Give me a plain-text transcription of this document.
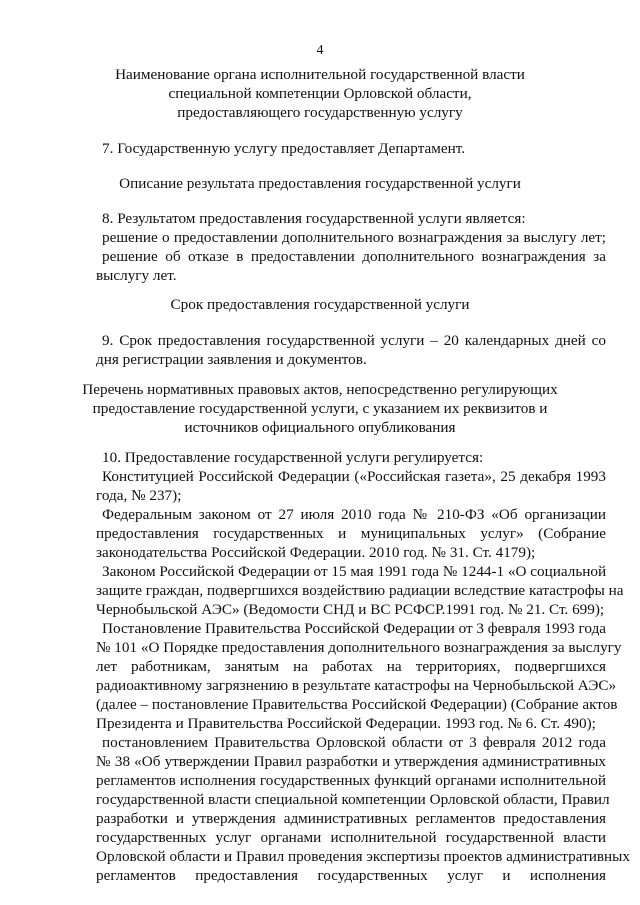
4
Наименование органа исполнительной государственной власти
специальной компетенции Орловской области,
предоставляющего государственную услугу
7. Государственную услугу предоставляет Департамент.
Описание результата предоставления государственной услуги
8. Результатом предоставления государственной услуги является:
решение о предоставлении дополнительного вознаграждения за выслугу лет;
решение об отказе в предоставлении дополнительного вознаграждения за
выслугу лет.
Срок предоставления государственной услуги
9. Срок предоставления государственной услуги – 20 календарных дней со
дня регистрации заявления и документов.
Перечень нормативных правовых актов, непосредственно регулирующих
предоставление государственной услуги, с указанием их реквизитов и
источников официального опубликования
10. Предоставление государственной услуги регулируется:
Конституцией Российской Федерации («Российская газета», 25 декабря 1993
года, № 237);
Федеральным законом от 27 июля 2010 года № 210-ФЗ «Об организации
предоставления государственных и муниципальных услуг» (Собрание
законодательства Российской Федерации. 2010 год. № 31. Ст. 4179);
Законом Российской Федерации от 15 мая 1991 года № 1244-1 «О социальной
защите граждан, подвергшихся воздействию радиации вследствие катастрофы на
Чернобыльской АЭС» (Ведомости СНД и ВС РСФСР.1991 год. № 21. Ст. 699);
Постановление Правительства Российской Федерации от 3 февраля 1993 года
№ 101 «О Порядке предоставления дополнительного вознаграждения за выслугу
лет работникам, занятым на работах на территориях, подвергшихся
радиоактивному загрязнению в результате катастрофы на Чернобыльской АЭС»
(далее – постановление Правительства Российской Федерации) (Собрание актов
Президента и Правительства Российской Федерации. 1993 год. № 6. Ст. 490);
постановлением Правительства Орловской области от 3 февраля 2012 года
№ 38 «Об утверждении Правил разработки и утверждения административных
регламентов исполнения государственных функций органами исполнительной
государственной власти специальной компетенции Орловской области, Правил
разработки и утверждения административных регламентов предоставления
государственных услуг органами исполнительной государственной власти
Орловской области и Правил проведения экспертизы проектов административных
регламентов предоставления государственных услуг и исполнения
